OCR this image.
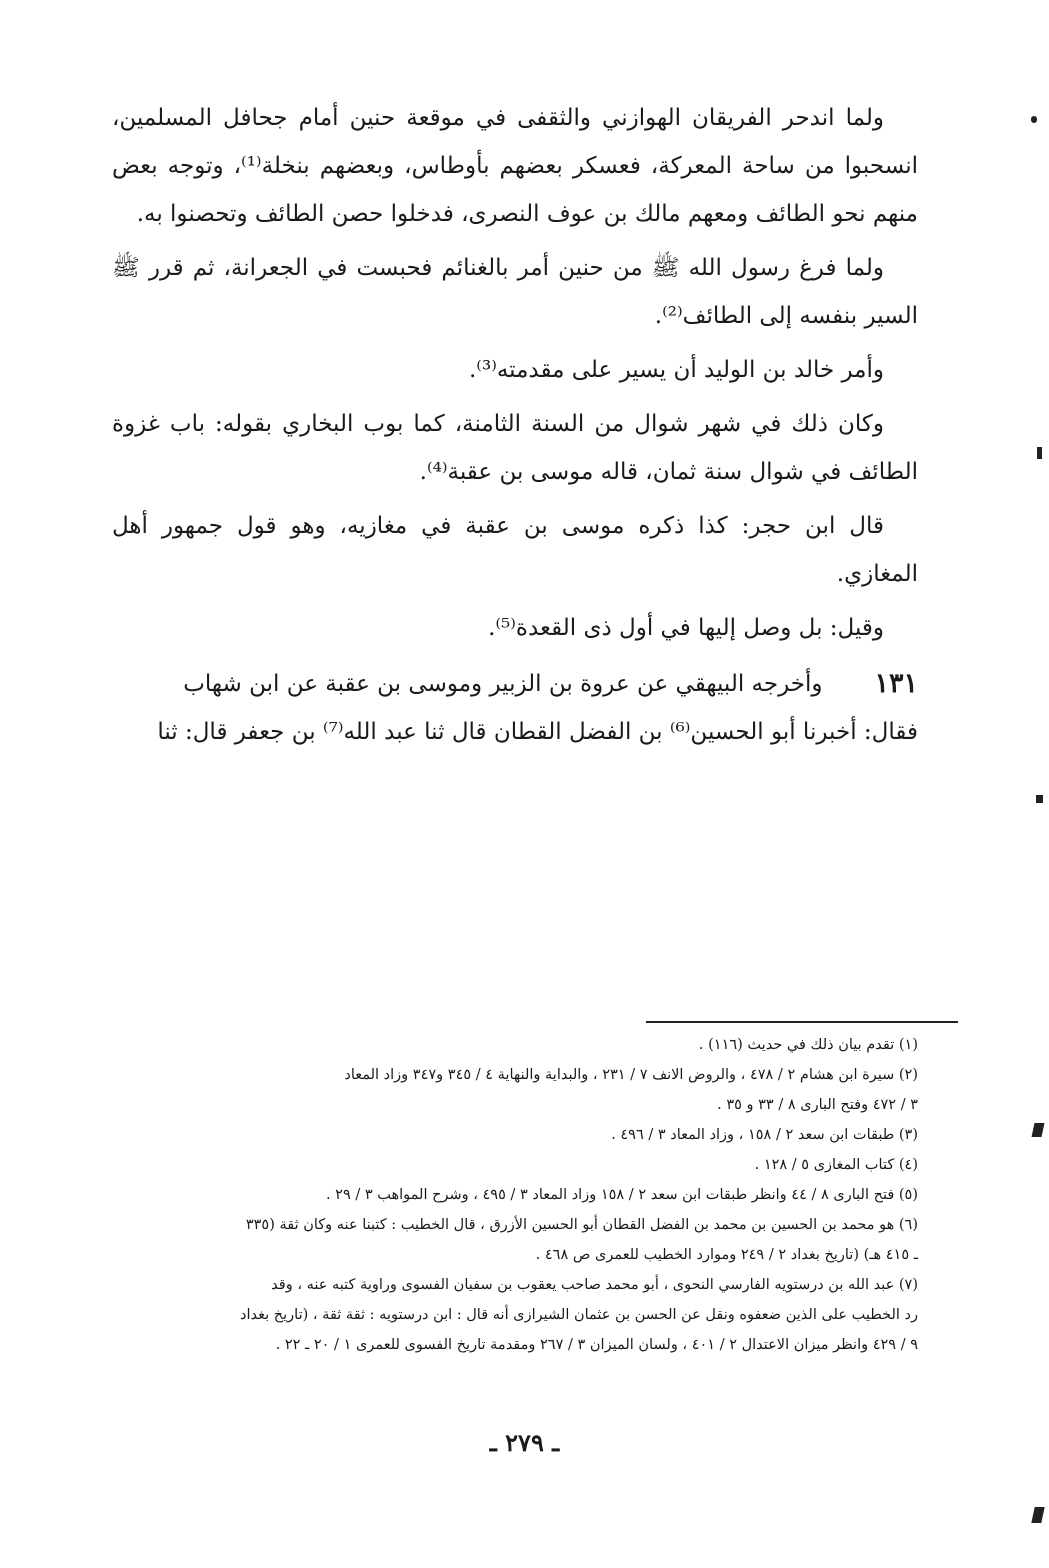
ولما اندحر الفريقان الهوازني والثقفى في موقعة حنين أمام جحافل المسلمين، انسحبوا من ساحة المعركة، فعسكر بعضهم بأوطاس، وبعضهم بنخلة⁽¹⁾، وتوجه بعض منهم نحو الطائف ومعهم مالك بن عوف النصرى، فدخلوا حصن الطائف وتحصنوا به.

ولما فرغ رسول الله ﷺ من حنين أمر بالغنائم فحبست في الجعرانة، ثم قرر ﷺ السير بنفسه إلى الطائف⁽²⁾.

وأمر خالد بن الوليد أن يسير على مقدمته⁽³⁾.

وكان ذلك في شهر شوال من السنة الثامنة، كما بوب البخاري بقوله: باب غزوة الطائف في شوال سنة ثمان، قاله موسى بن عقبة⁽⁴⁾.

قال ابن حجر: كذا ذكره موسى بن عقبة في مغازيه، وهو قول جمهور أهل المغازي.

وقيل: بل وصل إليها في أول ذى القعدة⁽⁵⁾.

١٣١
وأخرجه البيهقي عن عروة بن الزبير وموسى بن عقبة عن ابن شهاب
فقال: أخبرنا أبو الحسين⁽⁶⁾ بن الفضل القطان قال ثنا عبد الله⁽⁷⁾ بن جعفر قال: ثنا
(١) تقدم بيان ذلك في حديث (١١٦) .
(٢) سيرة ابن هشام ٢ / ٤٧٨ ، والروض الانف ٧ / ٢٣١ ، والبداية والنهاية ٤ / ٣٤٥ و٣٤٧ وزاد المعاد
٣ / ٤٧٢ وفتح البارى ٨ / ٣٣ و ٣٥ .
(٣) طبقات ابن سعد ٢ / ١٥٨ ، وزاد المعاد ٣ / ٤٩٦ .
(٤) كتاب المغازى ٥ / ١٢٨ .
(٥) فتح البارى ٨ / ٤٤ وانظر طبقات ابن سعد ٢ / ١٥٨ وزاد المعاد ٣ / ٤٩٥ ، وشرح المواهب ٣ / ٢٩ .
(٦) هو محمد بن الحسين بن محمد بن الفضل القطان أبو الحسين الأزرق ، قال الخطيب : كتبنا عنه وكان ثقة (٣٣٥
ـ ٤١٥ هـ) (تاريخ بغداد ٢ / ٢٤٩ وموارد الخطيب للعمرى ص ٤٦٨ .
(٧) عبد الله بن درستويه الفارسي النحوى ، أبو محمد صاحب يعقوب بن سفيان الفسوى وراوية كتبه عنه ، وقد
رد الخطيب على الذين ضعفوه ونقل عن الحسن بن عثمان الشيرازى أنه قال : ابن درستويه : ثقة ثقة ، (تاريخ بغداد
٩ / ٤٢٩ وانظر ميزان الاعتدال ٢ / ٤٠١ ، ولسان الميزان ٣ / ٢٦٧ ومقدمة تاريخ الفسوى للعمرى ١ / ٢٠ ـ ٢٢ .
ـ ٢٧٩ ـ
